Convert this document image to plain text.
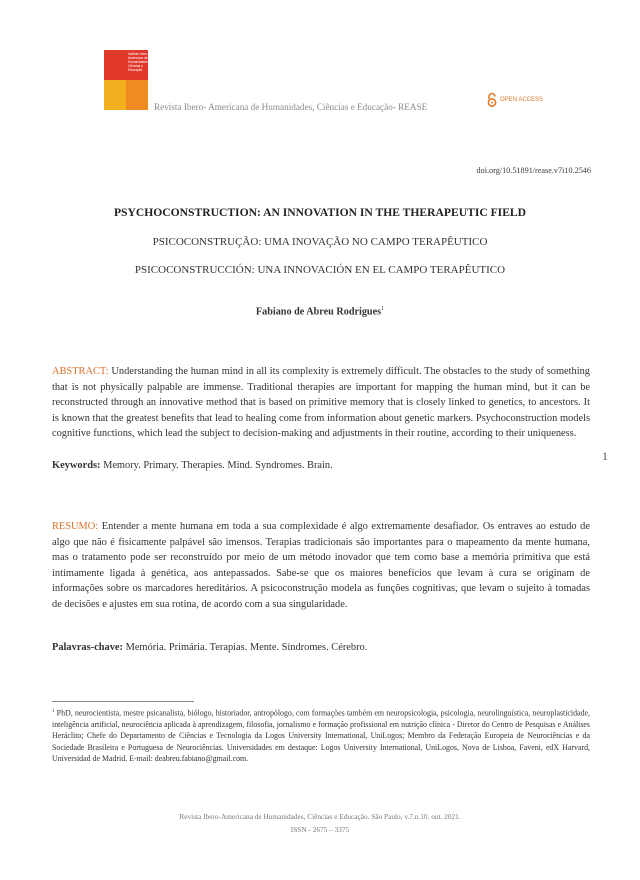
Instituto Ibero-Americano de Humanidades, Ciências e Educação
Revista Ibero- Americana de Humanidades, Ciências e Educação- REASE
OPEN ACCESS
doi.org/10.51891/rease.v7i10.2546
PSYCHOCONSTRUCTION: AN INNOVATION IN THE THERAPEUTIC FIELD
PSICOCONSTRUÇÃO: UMA INOVAÇÃO NO CAMPO TERAPÊUTICO
PSICOCONSTRUCCIÓN: UNA INNOVACIÓN EN EL CAMPO TERAPÊUTICO
Fabiano de Abreu Rodrigues$^1$
ABSTRACT: Understanding the human mind in all its complexity is extremely difficult. The obstacles to the study of something that is not physically palpable are immense. Traditional therapies are important for mapping the human mind, but it can be reconstructed through an innovative method that is based on primitive memory that is closely linked to genetics, to ancestors. It is known that the greatest benefits that lead to healing come from information about genetic markers. Psychoconstruction models cognitive functions, which lead the subject to decision-making and adjustments in their routine, according to their uniqueness.
Keywords: Memory. Primary. Therapies. Mind. Syndromes. Brain.
1
RESUMO: Entender a mente humana em toda a sua complexidade é algo extremamente desafiador. Os entraves ao estudo de algo que não é fisicamente palpável são imensos. Terapias tradicionais são importantes para o mapeamento da mente humana, mas o tratamento pode ser reconstruído por meio de um método inovador que tem como base a memória primitiva que está intimamente ligada à genética, aos antepassados. Sabe-se que os maiores benefícios que levam à cura se originam de informações sobre os marcadores hereditários. A psicoconstrução modela as funções cognitivas, que levam o sujeito à tomadas de decisões e ajustes em sua rotina, de acordo com a sua singularidade.
Palavras-chave: Memória. Primária. Terapias. Mente. Síndromes. Cérebro.
$^1$ PhD, neurocientista, mestre psicanalista, biólogo, historiador, antropólogo, com formações também em neuropsicologia, psicologia, neurolinguística, neuroplasticidade, inteligência artificial, neurociência aplicada à aprendizagem, filosofia, jornalismo e formação profissional em nutrição clínica - Diretor do Centro de Pesquisas e Análises Heráclito; Chefe do Departamento de Ciências e Tecnologia da Logos University International, UniLogos; Membro da Federação Europeia de Neurociências e da Sociedade Brasileira e Portuguesa de Neurociências. Universidades em destaque: Logos University International, UniLogos, Nova de Lisboa, Faveni, edX Harvard, Universidad de Madrid. E-mail: deabreu.fabiano@gmail.com.
Revista Ibero-Americana de Humanidades, Ciências e Educação. São Paulo, v.7.n.10. out. 2021.
ISSN - 2675 – 3375
